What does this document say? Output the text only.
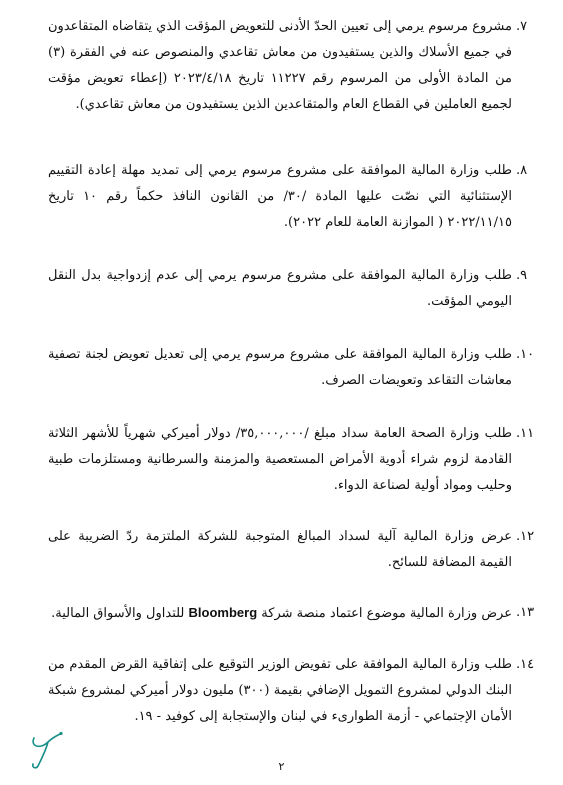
٧.
مشروع مرسوم يرمي إلى تعيين الحدّ الأدنى للتعويض المؤقت الذي يتقاضاه المتقاعدون في جميع الأسلاك والذين يستفيدون من معاش تقاعدي والمنصوص عنه في الفقرة (٣) من المادة الأولى من المرسوم رقم ١١٢٢٧ تاريخ ٢٠٢٣/٤/١٨ (إعطاء تعويض مؤقت لجميع العاملين في القطاع العام والمتقاعدين الذين يستفيدون من معاش تقاعدي).
٨.
طلب وزارة المالية الموافقة على مشروع مرسوم يرمي إلى تمديد مهلة إعادة التقييم الإستثنائية التي نصّت عليها المادة /٣٠/ من القانون النافذ حكماً رقم ١٠ تاريخ ٢٠٢٢/١١/١٥ ( الموازنة العامة للعام ٢٠٢٢).
٩.
طلب وزارة المالية الموافقة على مشروع مرسوم يرمي إلى عدم إزدواجية بدل النقل اليومي المؤقت.
١٠.
طلب وزارة المالية الموافقة على مشروع مرسوم يرمي إلى تعديل تعويض لجنة تصفية معاشات التقاعد وتعويضات الصرف.
١١.
طلب وزارة الصحة العامة سداد مبلغ /٣٥,٠٠٠,٠٠٠/ دولار أميركي شهرياً للأشهر الثلاثة القادمة لزوم شراء أدوية الأمراض المستعصية والمزمنة والسرطانية ومستلزمات طبية وحليب ومواد أولية لصناعة الدواء.
١٢.
عرض وزارة المالية آلية لسداد المبالغ المتوجبة للشركة الملتزمة ردّ الضريبة على القيمة المضافة للسائح.
١٣.
عرض وزارة المالية موضوع اعتماد منصة شركة Bloomberg للتداول والأسواق المالية.
١٤.
طلب وزارة المالية الموافقة على تفويض الوزير التوقيع على إتفاقية القرض المقدم من البنك الدولي لمشروع التمويل الإضافي بقيمة (٣٠٠) مليون دولار أميركي لمشروع شبكة الأمان الإجتماعي - أزمة الطوارىء في لبنان والإستجابة إلى كوفيد - ١٩.
٢
